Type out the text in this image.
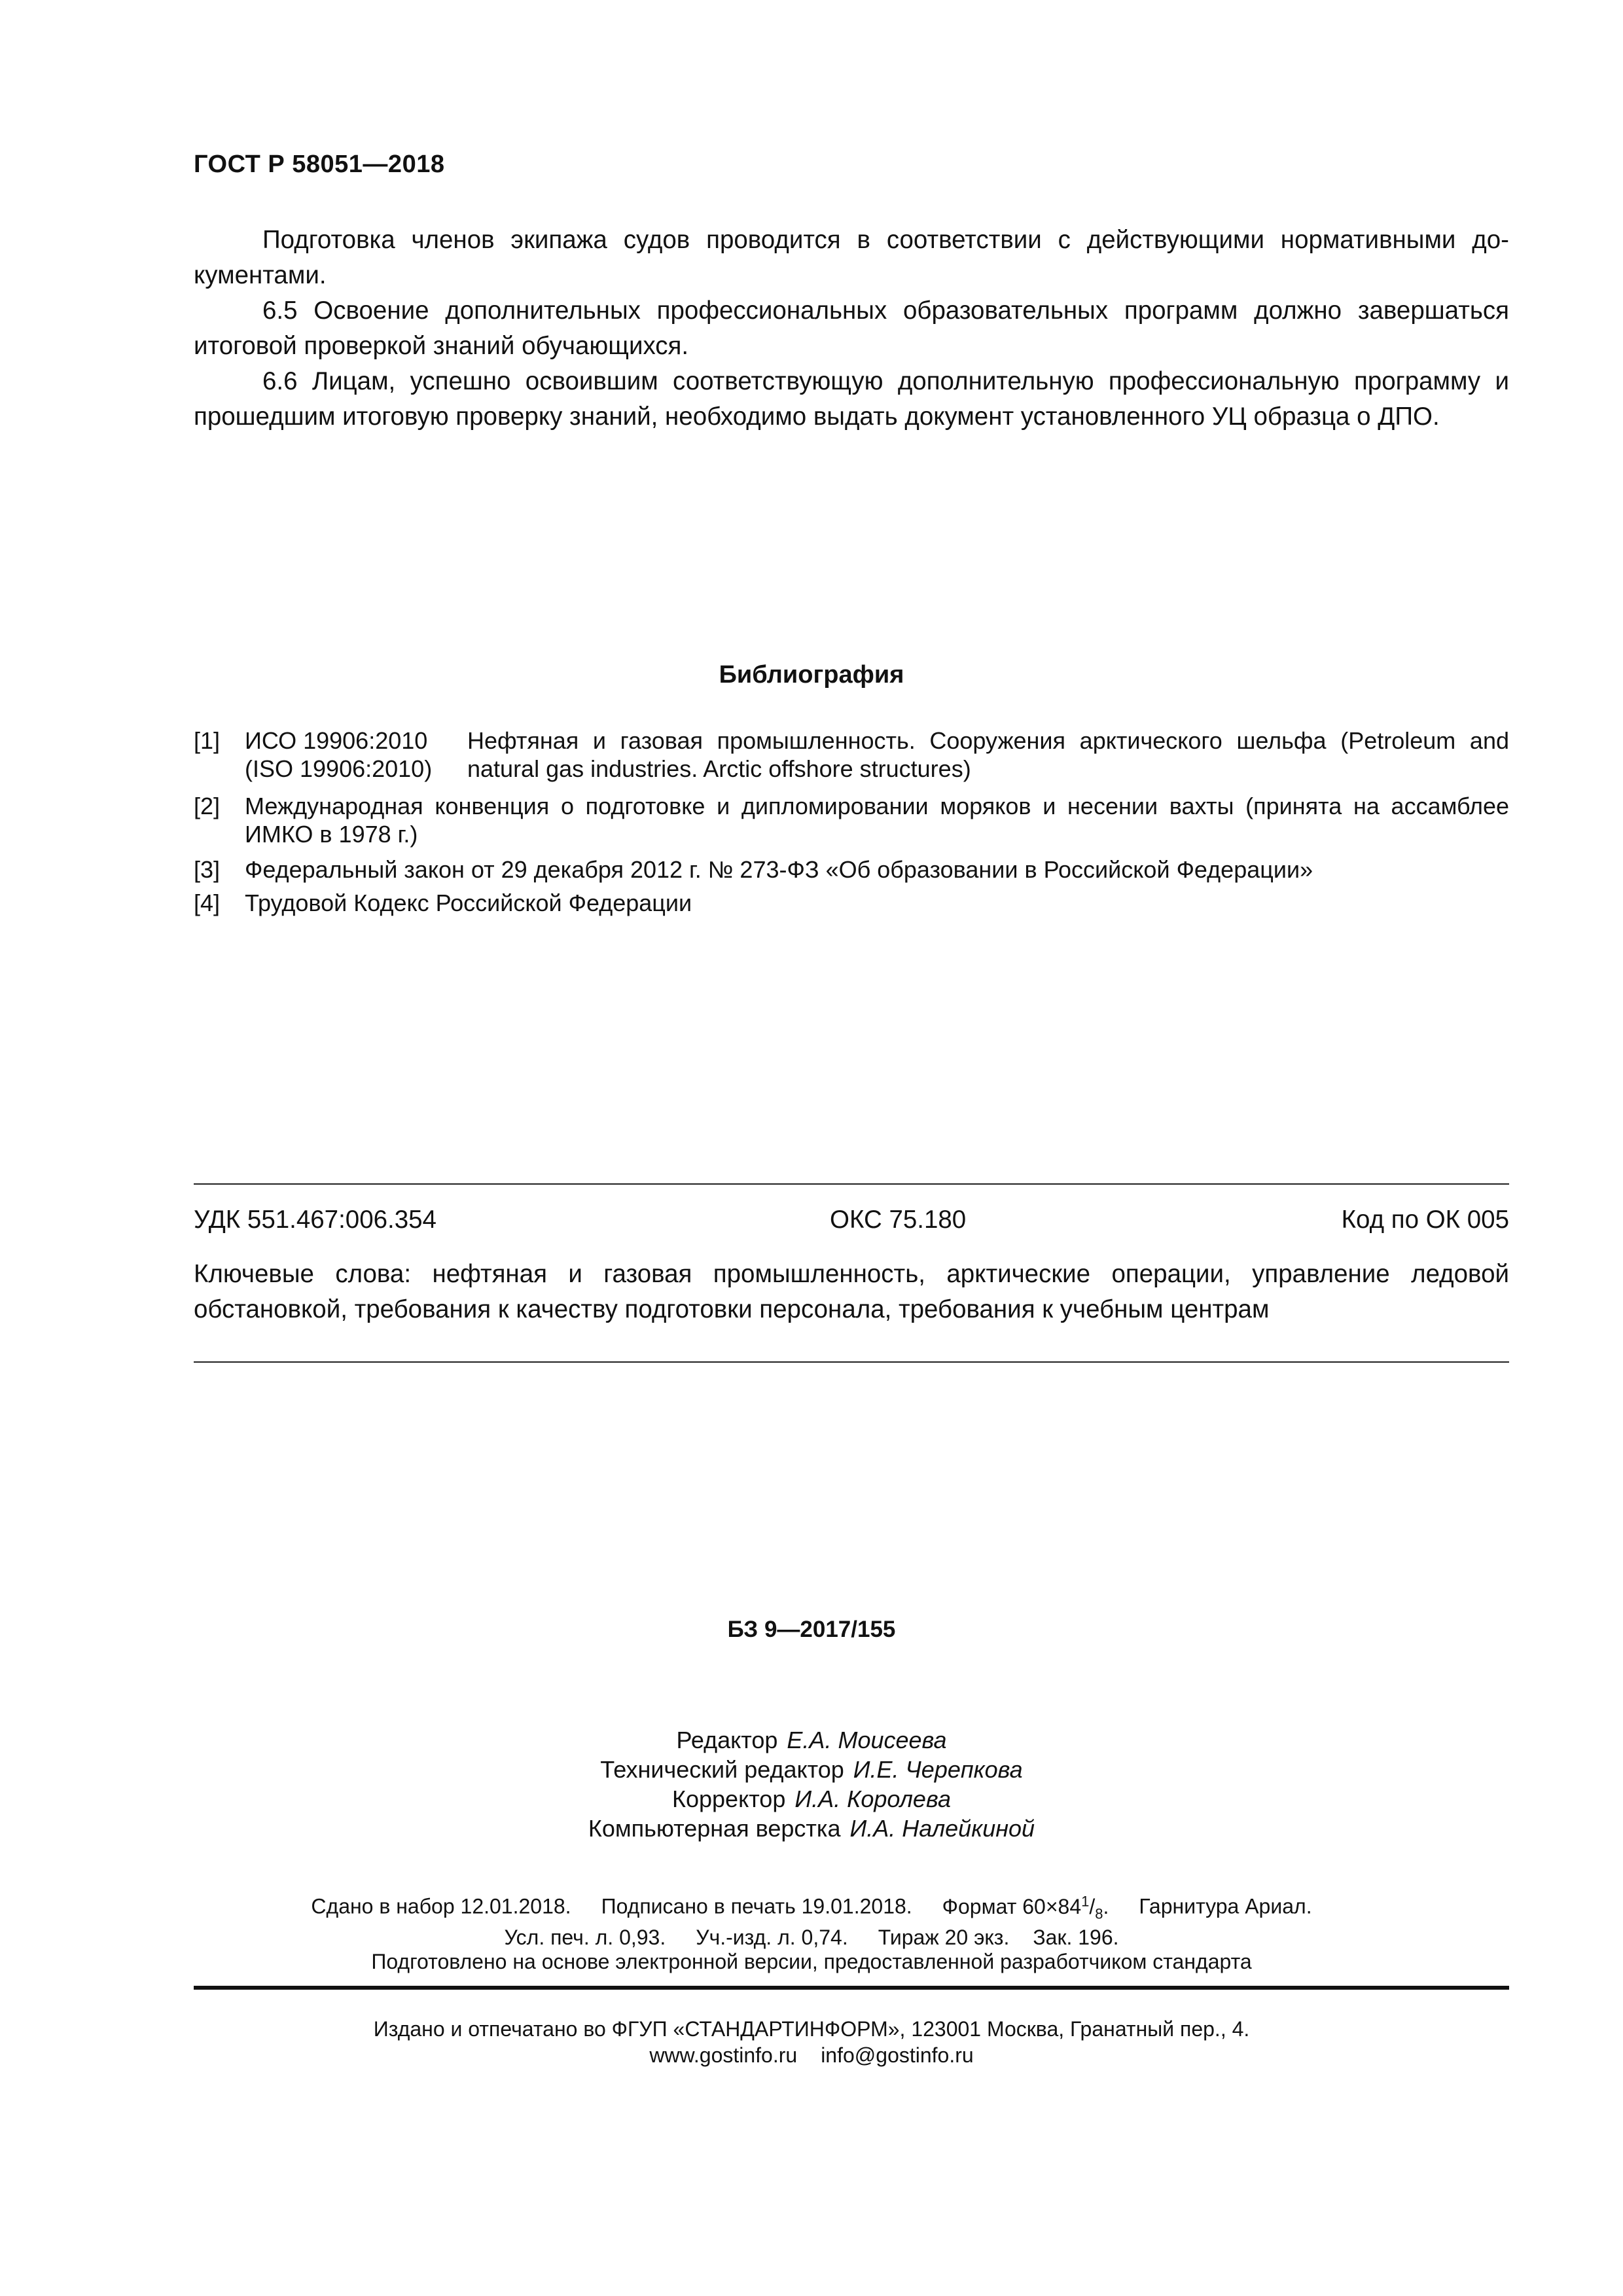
ГОСТ Р 58051—2018

Подготовка членов экипажа судов проводится в соответствии с действующими нормативными документами.

6.5 Освоение дополнительных профессиональных образовательных программ должно завершаться итоговой проверкой знаний обучающихся.

6.6 Лицам, успешно освоившим соответствующую дополнительную профессиональную программу и прошедшим итоговую проверку знаний, необходимо выдать документ установленного УЦ образца о ДПО.

Библиография
[1] ИСО 19906:2010
(ISO 19906:2010)
Нефтяная и газовая промышленность. Сооружения арктического шельфа (Petroleum and
natural gas industries. Arctic offshore structures)
[2] Международная конвенция о подготовке и дипломировании моряков и несении вахты (принята на ассамблее ИМКО в 1978 г.)
[3] Федеральный закон от 29 декабря 2012 г. № 273-ФЗ «Об образовании в Российской Федерации»
[4] Трудовой Кодекс Российской Федерации
УДК 551.467:006.354	ОКС 75.180	Код по ОК 005
Ключевые слова: нефтяная и газовая промышленность, арктические операции, управление ледовой обстановкой, требования к качеству подготовки персонала, требования к учебным центрам
БЗ 9—2017/155
Редактор Е.А. Моисеева
Технический редактор И.Е. Черепкова
Корректор И.А. Королева
Компьютерная верстка И.А. Налейкиной
Сдано в набор 12.01.2018. Подписано в печать 19.01.2018. Формат $60\times 84^1/_8$. Гарнитура Ариал.
Усл. печ. л. 0,93. Уч.-изд. л. 0,74. Тираж 20 экз. Зак. 196.
Подготовлено на основе электронной версии, предоставленной разработчиком стандарта
Издано и отпечатано во ФГУП «СТАНДАРТИНФОРМ», 123001 Москва, Гранатный пер., 4.
www.gostinfo.ru info@gostinfo.ru
